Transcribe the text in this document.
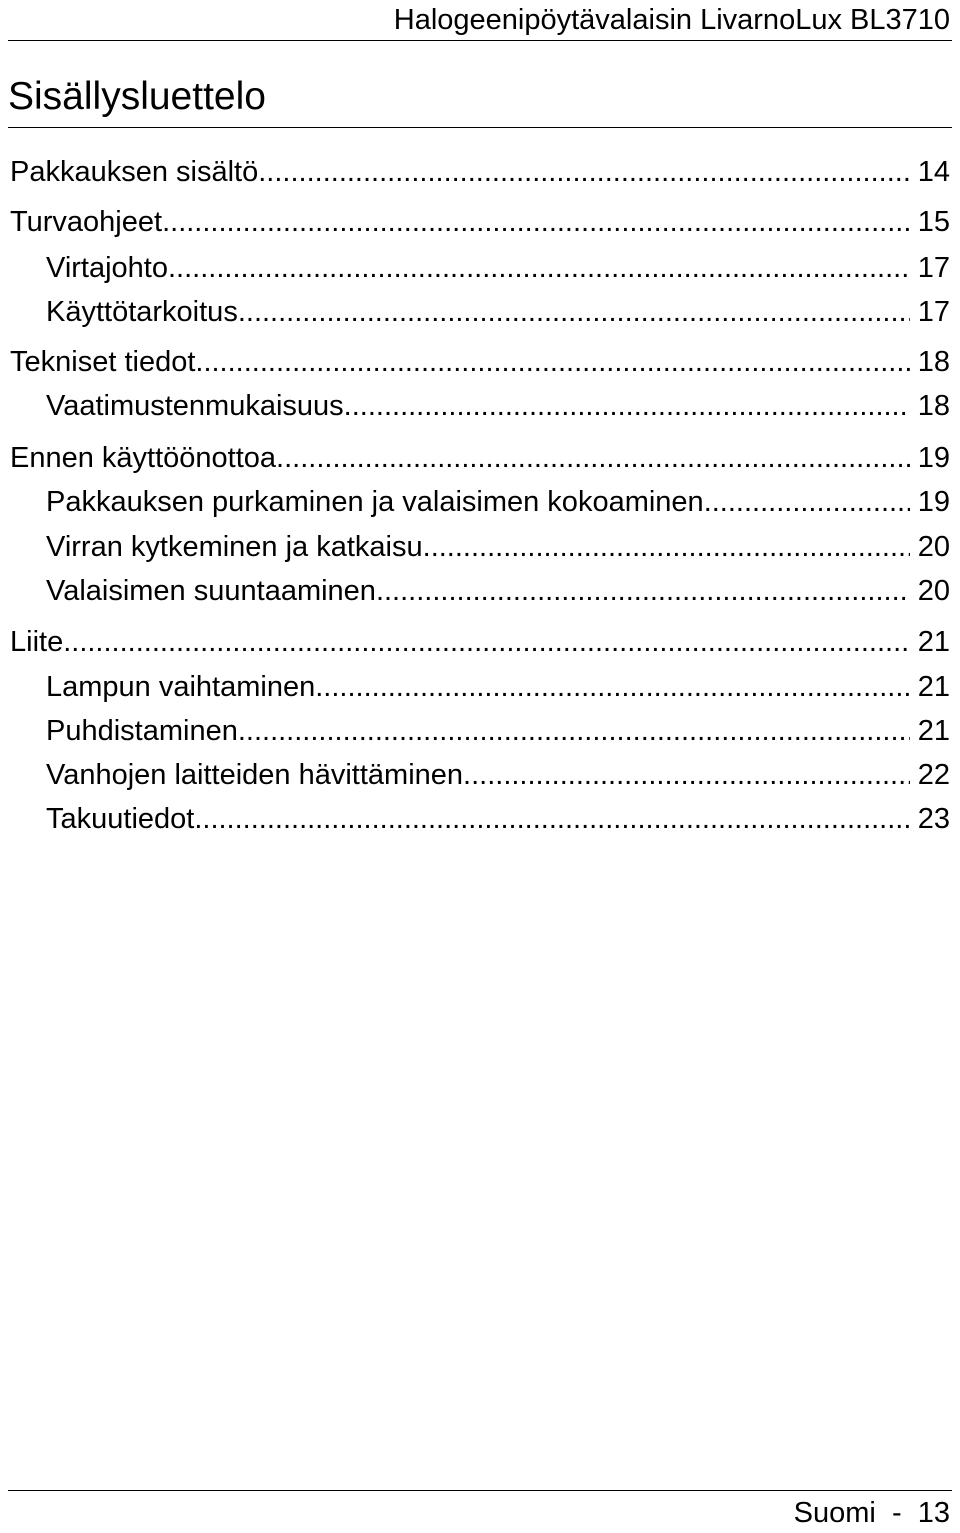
Halogeenipöytävalaisin LivarnoLux BL3710
Sisällysluettelo
Pakkauksen sisältö .....	14
Turvaohjeet .....	15
Virtajohto .....	17
Käyttötarkoitus .....	17
Tekniset tiedot .....	18
Vaatimustenmukaisuus .....	18
Ennen käyttöönottoa .....	19
Pakkauksen purkaminen ja valaisimen kokoaminen .....	19
Virran kytkeminen ja katkaisu .....	20
Valaisimen suuntaaminen .....	20
Liite .....	21
Lampun vaihtaminen .....	21
Puhdistaminen .....	21
Vanhojen laitteiden hävittäminen .....	22
Takuutiedot .....	23
Suomi - 13
